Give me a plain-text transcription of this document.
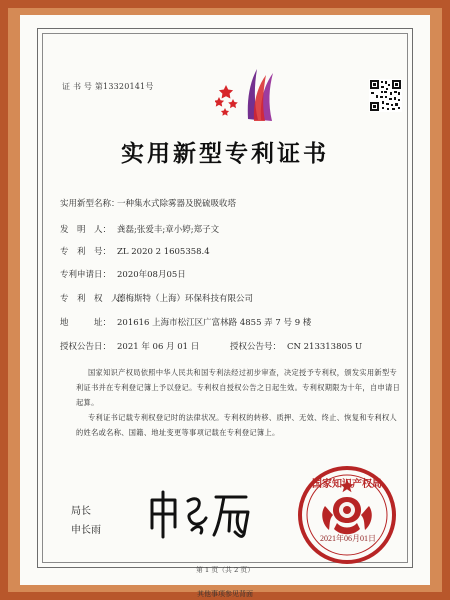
证 书 号 第13320141号
实用新型专利证书
实用新型名称：一种集水式除雾器及脱硫吸收塔
发　明　人： 龚磊;张爱丰;章小婷;郑子文
专　利　号： ZL 2020 2 1605358.4
专利申请日： 2020年08月05日
专　利　权　人：德梅斯特（上海）环保科技有限公司
地　　　址： 201616 上海市松江区广富林路 4855 弄 7 号 9 楼
授权公告日： 2021 年 06 月 01 日	授权公告号： CN 213313805 U

国家知识产权局依照中华人民共和国专利法经过初步审查，决定授予专利权，颁发实用新型专利证书并在专利登记簿上予以登记。专利权自授权公告之日起生效。专利权期限为十年，自申请日起算。

专利证书记载专利权登记时的法律状况。专利权的转移、质押、无效、终止、恢复和专利权人的姓名或名称、国籍、地址变更等事项记载在专利登记簿上。

局长
申长雨
国家知识产权局
2021年06月01日
第 1 页（共 2 页）
其他事项参见背面
